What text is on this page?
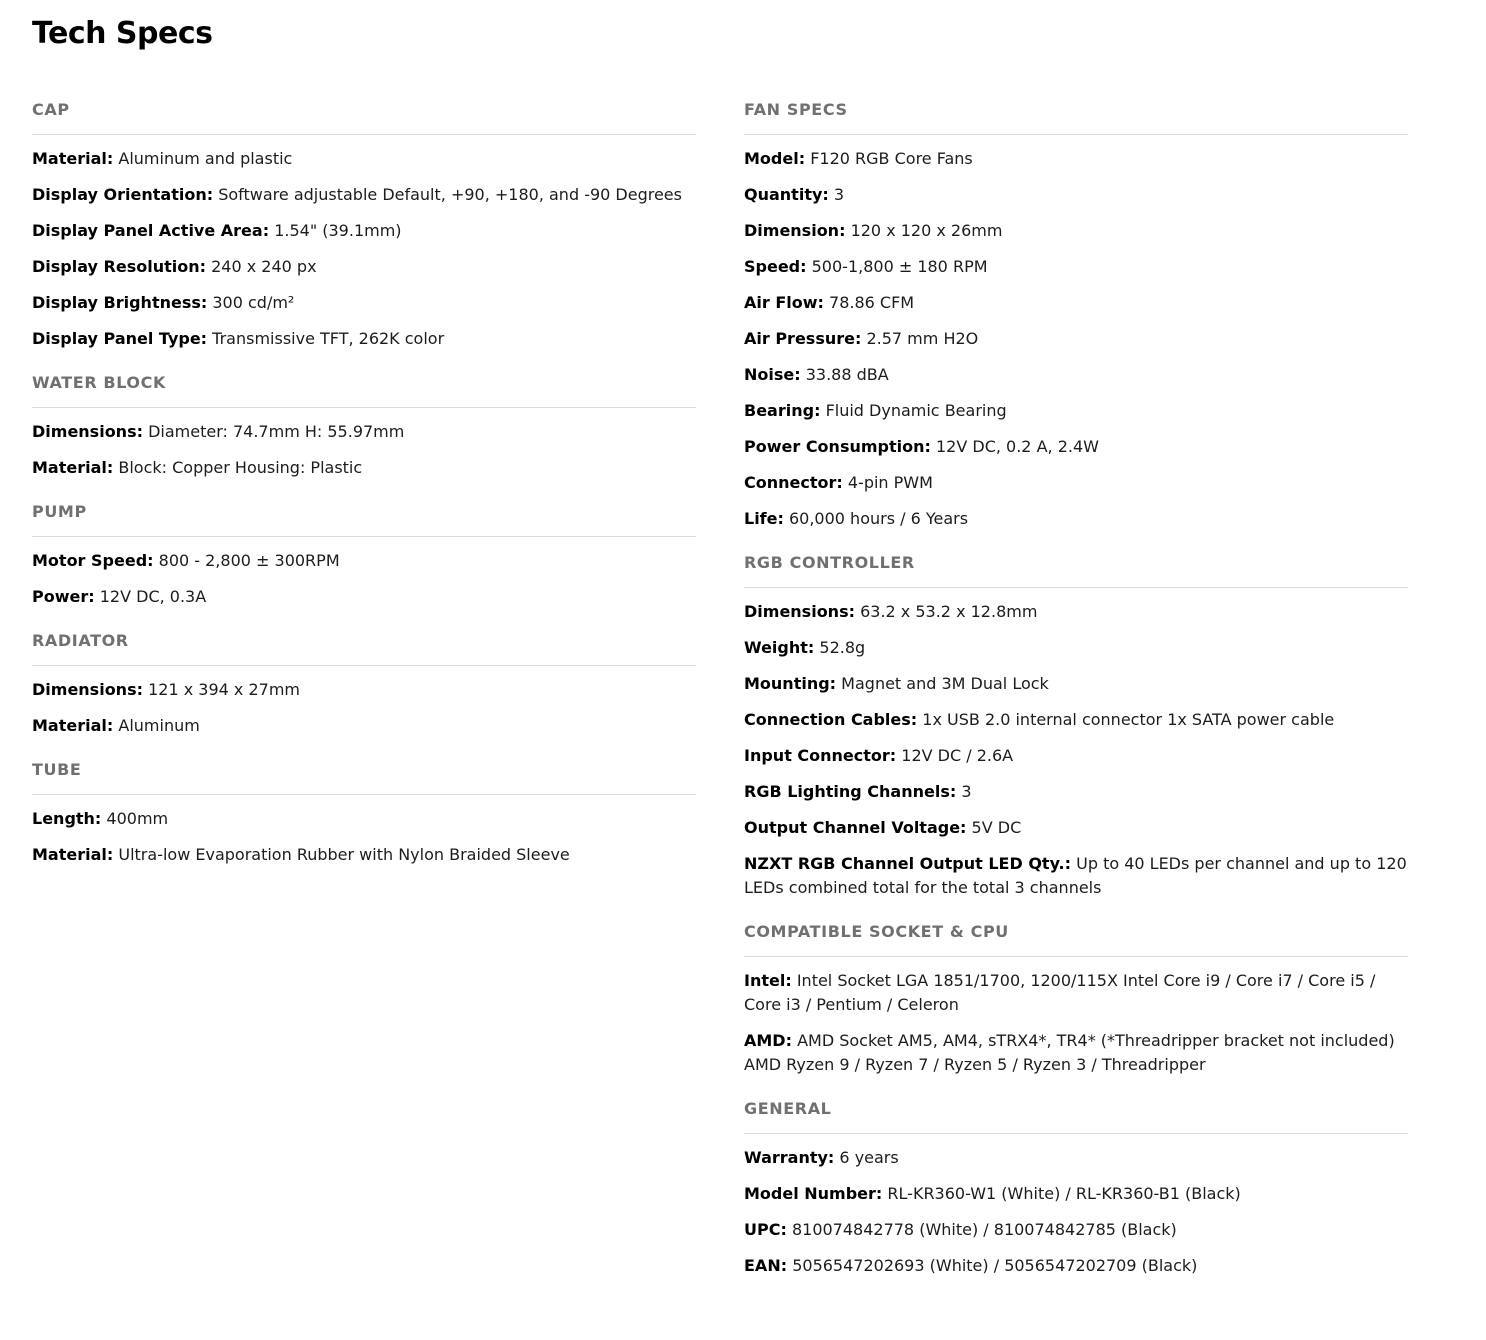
Tech Specs
CAP
Material: Aluminum and plastic
Display Orientation: Software adjustable Default, +90, +180, and -90 Degrees
Display Panel Active Area: 1.54" (39.1mm)
Display Resolution: 240 x 240 px
Display Brightness: 300 cd/m²
Display Panel Type: Transmissive TFT, 262K color
WATER BLOCK
Dimensions: Diameter: 74.7mm H: 55.97mm
Material: Block: Copper Housing: Plastic
PUMP
Motor Speed: 800 - 2,800 ± 300RPM
Power: 12V DC, 0.3A
RADIATOR
Dimensions: 121 x 394 x 27mm
Material: Aluminum
TUBE
Length: 400mm
Material: Ultra-low Evaporation Rubber with Nylon Braided Sleeve
FAN SPECS
Model: F120 RGB Core Fans
Quantity: 3
Dimension: 120 x 120 x 26mm
Speed: 500-1,800 ± 180 RPM
Air Flow: 78.86 CFM
Air Pressure: 2.57 mm H2O
Noise: 33.88 dBA
Bearing: Fluid Dynamic Bearing
Power Consumption: 12V DC, 0.2 A, 2.4W
Connector: 4-pin PWM
Life: 60,000 hours / 6 Years
RGB CONTROLLER
Dimensions: 63.2 x 53.2 x 12.8mm
Weight: 52.8g
Mounting: Magnet and 3M Dual Lock
Connection Cables: 1x USB 2.0 internal connector 1x SATA power cable
Input Connector: 12V DC / 2.6A
RGB Lighting Channels: 3
Output Channel Voltage: 5V DC
NZXT RGB Channel Output LED Qty.: Up to 40 LEDs per channel and up to 120 LEDs combined total for the total 3 channels
COMPATIBLE SOCKET & CPU
Intel: Intel Socket LGA 1851/1700, 1200/115X Intel Core i9 / Core i7 / Core i5 / Core i3 / Pentium / Celeron
AMD: AMD Socket AM5, AM4, sTRX4*, TR4* (*Threadripper bracket not included) AMD Ryzen 9 / Ryzen 7 / Ryzen 5 / Ryzen 3 / Threadripper
GENERAL
Warranty: 6 years
Model Number: RL-KR360-W1 (White) / RL-KR360-B1 (Black)
UPC: 810074842778 (White) / 810074842785 (Black)
EAN: 5056547202693 (White) / 5056547202709 (Black)
